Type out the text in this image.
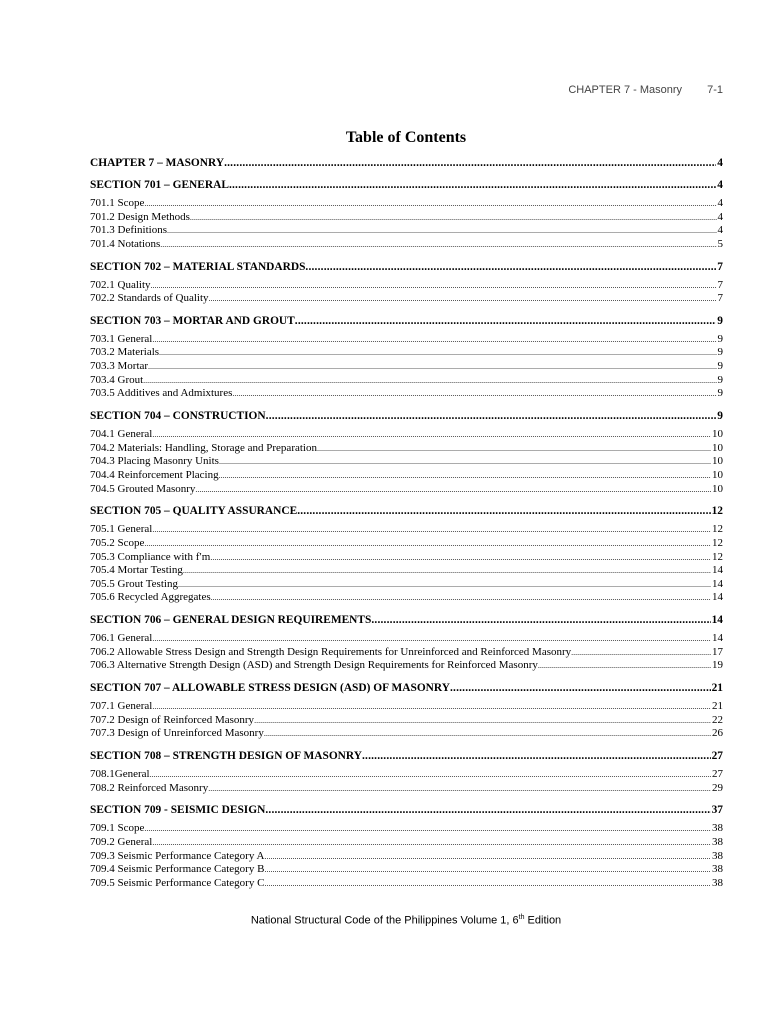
CHAPTER 7 - Masonry 7-1
Table of Contents
CHAPTER 7 – MASONRY .....	4
SECTION 701 – GENERAL .....	4
701.1 Scope .....	4
701.2 Design Methods .....	4
701.3 Definitions .....	4
701.4 Notations .....	5
SECTION 702 – MATERIAL STANDARDS .....	7
702.1 Quality .....	7
702.2 Standards of Quality .....	7
SECTION 703 – MORTAR AND GROUT .....	9
703.1 General .....	9
703.2 Materials .....	9
703.3 Mortar .....	9
703.4 Grout .....	9
703.5 Additives and Admixtures .....	9
SECTION 704 – CONSTRUCTION .....	9
704.1 General .....	10
704.2 Materials: Handling, Storage and Preparation .....	10
704.3 Placing Masonry Units .....	10
704.4 Reinforcement Placing .....	10
704.5 Grouted Masonry .....	10
SECTION 705 – QUALITY ASSURANCE .....	12
705.1 General .....	12
705.2 Scope .....	12
705.3 Compliance with f′m .....	12
705.4 Mortar Testing .....	14
705.5 Grout Testing .....	14
705.6 Recycled Aggregates .....	14
SECTION 706 – GENERAL DESIGN REQUIREMENTS .....	14
706.1 General .....	14
706.2 Allowable Stress Design and Strength Design Requirements for Unreinforced and Reinforced Masonry .....	17
706.3 Alternative Strength Design (ASD) and Strength Design Requirements for Reinforced Masonry .....	19
SECTION 707 – ALLOWABLE STRESS DESIGN (ASD) OF MASONRY .....	21
707.1 General .....	21
707.2 Design of Reinforced Masonry .....	22
707.3 Design of Unreinforced Masonry .....	26
SECTION 708 – STRENGTH DESIGN OF MASONRY .....	27
708.1General .....	27
708.2 Reinforced Masonry .....	29
SECTION 709 - SEISMIC DESIGN .....	37
709.1 Scope .....	38
709.2 General .....	38
709.3 Seismic Performance Category A .....	38
709.4 Seismic Performance Category B .....	38
709.5 Seismic Performance Category C .....	38
National Structural Code of the Philippines Volume 1, 6th Edition
